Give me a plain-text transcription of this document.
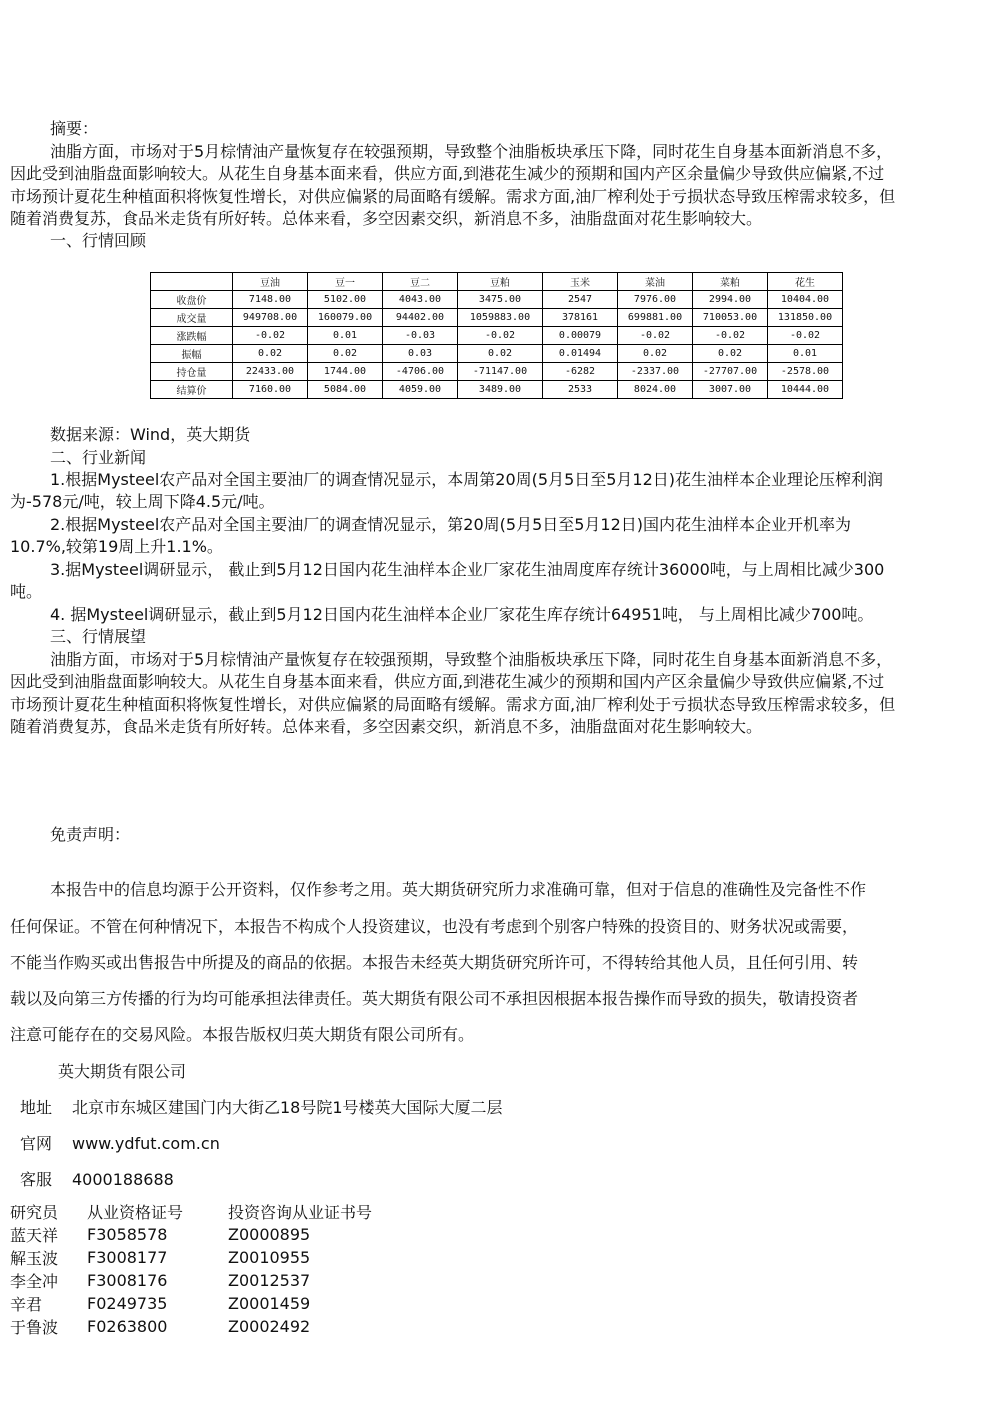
摘要：
油脂方面，市场对于5月棕情油产量恢复存在较强预期，导致整个油脂板块承压下降，同时花生自身基本面新消息不多，
因此受到油脂盘面影响较大。从花生自身基本面来看，供应方面,到港花生减少的预期和国内产区余量偏少导致供应偏紧,不过
市场预计夏花生种植面积将恢复性增长，对供应偏紧的局面略有缓解。需求方面,油厂榨利处于亏损状态导致压榨需求较多，但
随着消费复苏，食品米走货有所好转。总体来看，多空因素交织，新消息不多，油脂盘面对花生影响较大。
一、行情回顾
	豆油	豆一	豆二	豆粕	玉米	菜油	菜粕	花生
收盘价	7148.00	5102.00	4043.00	3475.00	2547	7976.00	2994.00	10404.00
成交量	949708.00	160079.00	94402.00	1059883.00	378161	699881.00	710053.00	131850.00
涨跌幅	-0.02	0.01	-0.03	-0.02	0.00079	-0.02	-0.02	-0.02
振幅	0.02	0.02	0.03	0.02	0.01494	0.02	0.02	0.01
持仓量	22433.00	1744.00	-4706.00	-71147.00	-6282	-2337.00	-27707.00	-2578.00
结算价	7160.00	5084.00	4059.00	3489.00	2533	8024.00	3007.00	10444.00
数据来源：Wind，英大期货
二、行业新闻
1.根据Mysteel农产品对全国主要油厂的调查情况显示，本周第20周(5月5日至5月12日)花生油样本企业理论压榨利润
为-578元/吨，较上周下降4.5元/吨。
2.根据Mysteel农产品对全国主要油厂的调查情况显示，第20周(5月5日至5月12日)国内花生油样本企业开机率为
10.7%,较第19周上升1.1%。
3.据Mysteel调研显示， 截止到5月12日国内花生油样本企业厂家花生油周度库存统计36000吨，与上周相比减少300
吨。
4. 据Mysteel调研显示，截止到5月12日国内花生油样本企业厂家花生库存统计64951吨， 与上周相比减少700吨。
三、行情展望
油脂方面，市场对于5月棕情油产量恢复存在较强预期，导致整个油脂板块承压下降，同时花生自身基本面新消息不多，
因此受到油脂盘面影响较大。从花生自身基本面来看，供应方面,到港花生减少的预期和国内产区余量偏少导致供应偏紧,不过
市场预计夏花生种植面积将恢复性增长，对供应偏紧的局面略有缓解。需求方面,油厂榨利处于亏损状态导致压榨需求较多，但
随着消费复苏，食品米走货有所好转。总体来看，多空因素交织，新消息不多，油脂盘面对花生影响较大。
免责声明：
本报告中的信息均源于公开资料，仅作参考之用。英大期货研究所力求准确可靠，但对于信息的准确性及完备性不作
任何保证。不管在何种情况下，本报告不构成个人投资建议，也没有考虑到个别客户特殊的投资目的、财务状况或需要，
不能当作购买或出售报告中所提及的商品的依据。本报告未经英大期货研究所许可，不得转给其他人员，且任何引用、转
载以及向第三方传播的行为均可能承担法律责任。英大期货有限公司不承担因根据本报告操作而导致的损失，敬请投资者
注意可能存在的交易风险。本报告版权归英大期货有限公司所有。
英大期货有限公司
地址 北京市东城区建国门内大街乙18号院1号楼英大国际大厦二层
官网 www.ydfut.com.cn
客服 4000188688
研究员	从业资格证号	投资咨询从业证书号
蓝天祥	F3058578	Z0000895
解玉波	F3008177	Z0010955
李全冲	F3008176	Z0012537
辛君	F0249735	Z0001459
于鲁波	F0263800	Z0002492
